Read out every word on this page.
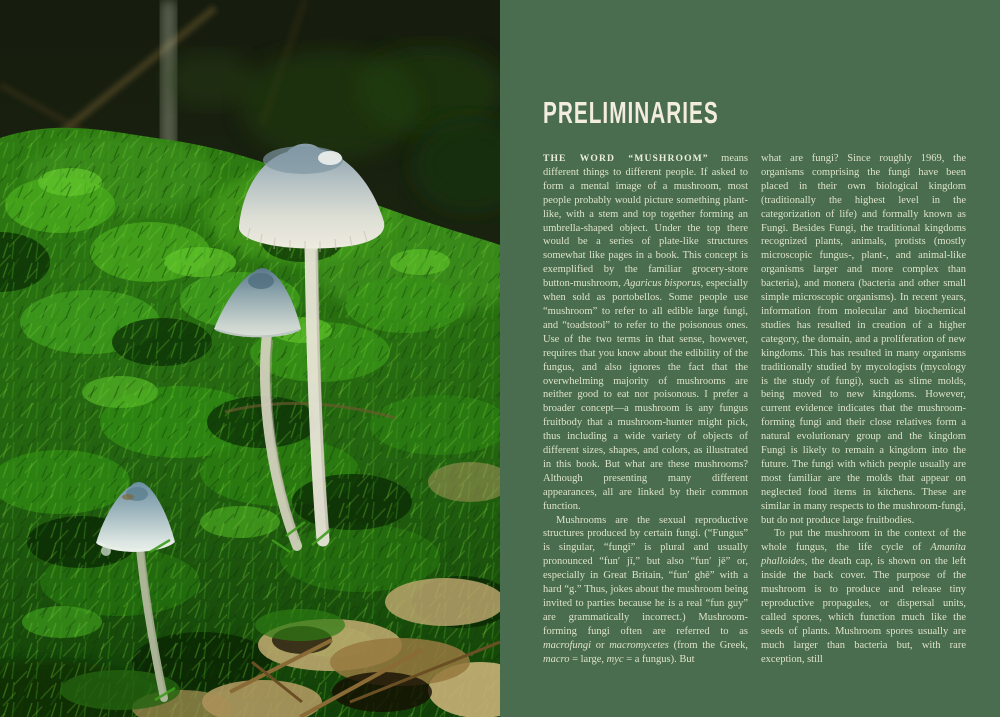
PRELIMINARIES

THE WORD “MUSHROOM” means different things to different people. If asked to form a mental image of a mushroom, most people probably would picture something plant-like, with a stem and top together forming an umbrella-shaped object. Under the top there would be a series of plate-like structures somewhat like pages in a book. This concept is exemplified by the familiar grocery-store button-mushroom, Agaricus bisporus, especially when sold as portobellos. Some people use “mushroom” to refer to all edible large fungi, and “toadstool” to refer to the poisonous ones. Use of the two terms in that sense, however, requires that you know about the edibility of the fungus, and also ignores the fact that the overwhelming majority of mushrooms are neither good to eat nor poisonous. I prefer a broader concept—a mushroom is any fungus fruitbody that a mushroom-hunter might pick, thus including a wide variety of objects of different sizes, shapes, and colors, as illustrated in this book. But what are these mushrooms? Although presenting many different appearances, all are linked by their common function.

Mushrooms are the sexual reproductive structures produced by certain fungi. (“Fungus” is singular, “fungi” is plural and usually pronounced “fun′ jī,” but also “fun′ jē” or, especially in Great Britain, “fun′ ghē” with a hard “g.” Thus, jokes about the mushroom being invited to parties because he is a real “fun guy” are grammatically incorrect.) Mushroom-forming fungi often are referred to as macrofungi or macromycetes (from the Greek, macro = large, myc = a fungus). But

what are fungi? Since roughly 1969, the organisms comprising the fungi have been placed in their own biological kingdom (traditionally the highest level in the categorization of life) and formally known as Fungi. Besides Fungi, the traditional kingdoms recognized plants, animals, protists (mostly microscopic fungus-, plant-, and animal-like organisms larger and more complex than bacteria), and monera (bacteria and other small simple microscopic organisms). In recent years, information from molecular and biochemical studies has resulted in creation of a higher category, the domain, and a proliferation of new kingdoms. This has resulted in many organisms traditionally studied by mycologists (mycology is the study of fungi), such as slime molds, being moved to new kingdoms. However, current evidence indicates that the mushroom-forming fungi and their close relatives form a natural evolutionary group and the kingdom Fungi is likely to remain a kingdom into the future. The fungi with which people usually are most familiar are the molds that appear on neglected food items in kitchens. These are similar in many respects to the mushroom-fungi, but do not produce large fruitbodies.

To put the mushroom in the context of the whole fungus, the life cycle of Amanita phalloides, the death cap, is shown on the left inside the back cover. The purpose of the mushroom is to produce and release tiny reproductive propagules, or dispersal units, called spores, which function much like the seeds of plants. Mushroom spores usually are much larger than bacteria but, with rare exception, still
